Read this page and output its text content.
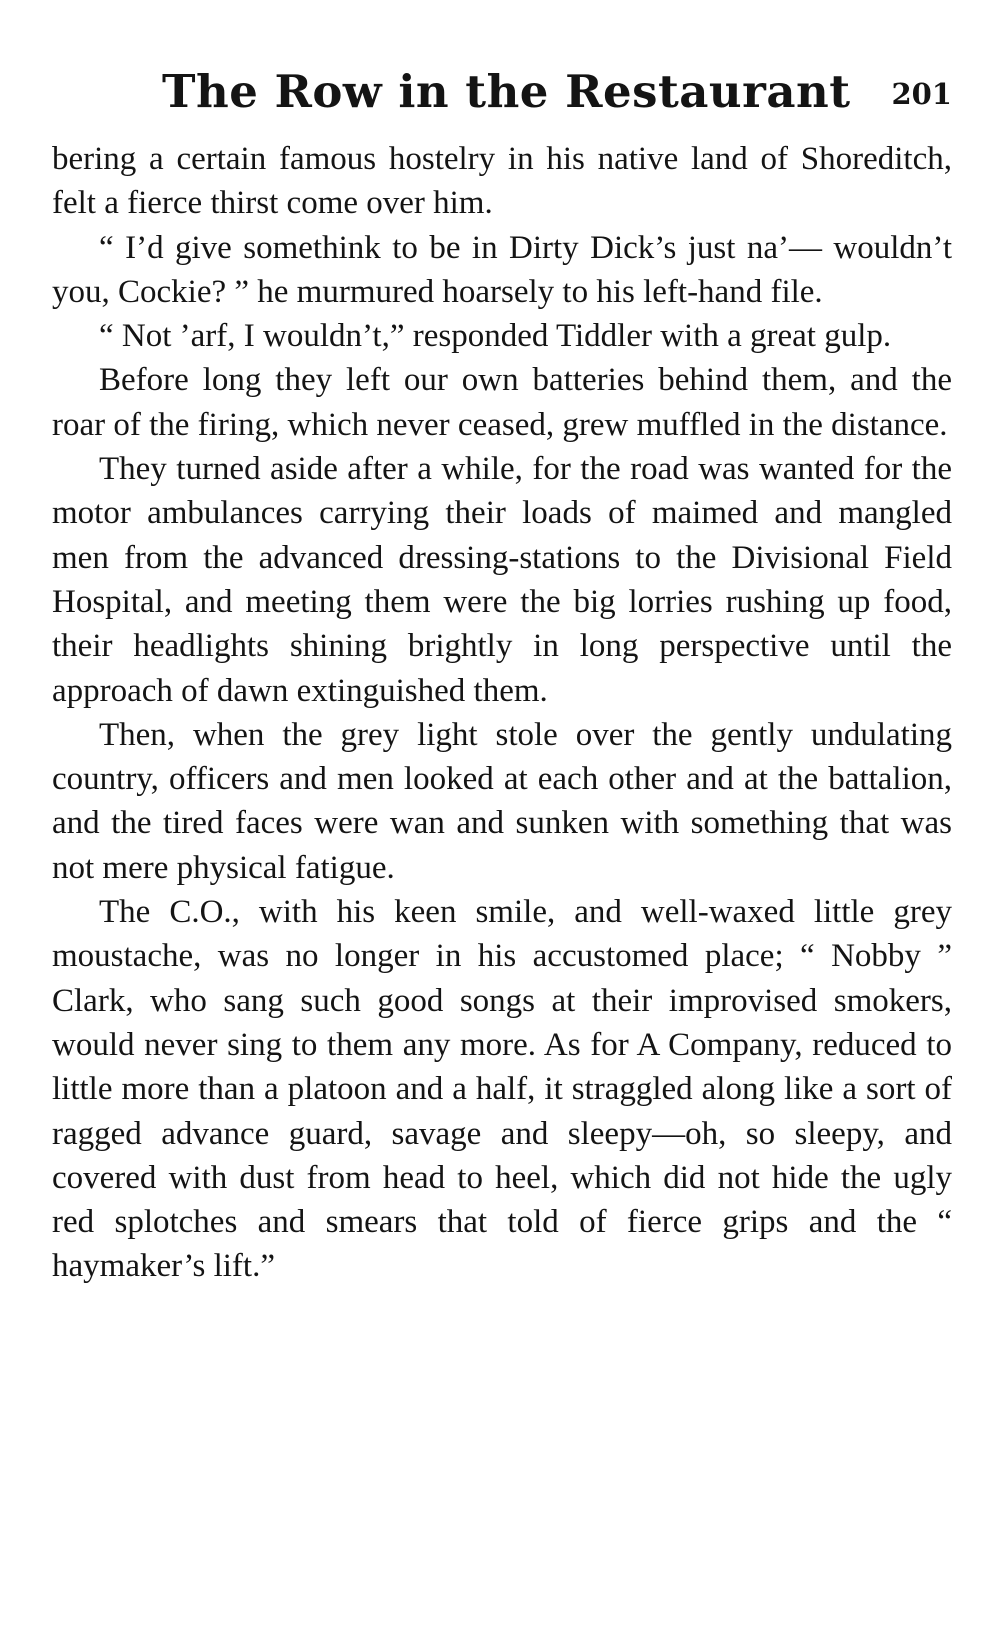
The Row in the Restaurant 201

bering a certain famous hostelry in his native land of Shoreditch, felt a fierce thirst come over him.

“ I’d give somethink to be in Dirty Dick’s just na’— wouldn’t you, Cockie? ” he murmured hoarsely to his left-hand file.

“ Not ’arf, I wouldn’t,” responded Tiddler with a great gulp.

Before long they left our own batteries behind them, and the roar of the firing, which never ceased, grew muffled in the distance.

They turned aside after a while, for the road was wanted for the motor ambulances carrying their loads of maimed and mangled men from the advanced dressing-stations to the Divisional Field Hospital, and meeting them were the big lorries rushing up food, their headlights shining brightly in long perspective until the approach of dawn extinguished them.

Then, when the grey light stole over the gently undulating country, officers and men looked at each other and at the battalion, and the tired faces were wan and sunken with something that was not mere physical fatigue.

The C.O., with his keen smile, and well-waxed little grey moustache, was no longer in his accustomed place; “ Nobby ” Clark, who sang such good songs at their improvised smokers, would never sing to them any more. As for A Company, reduced to little more than a platoon and a half, it straggled along like a sort of ragged advance guard, savage and sleepy—oh, so sleepy, and covered with dust from head to heel, which did not hide the ugly red splotches and smears that told of fierce grips and the “ haymaker’s lift.”
